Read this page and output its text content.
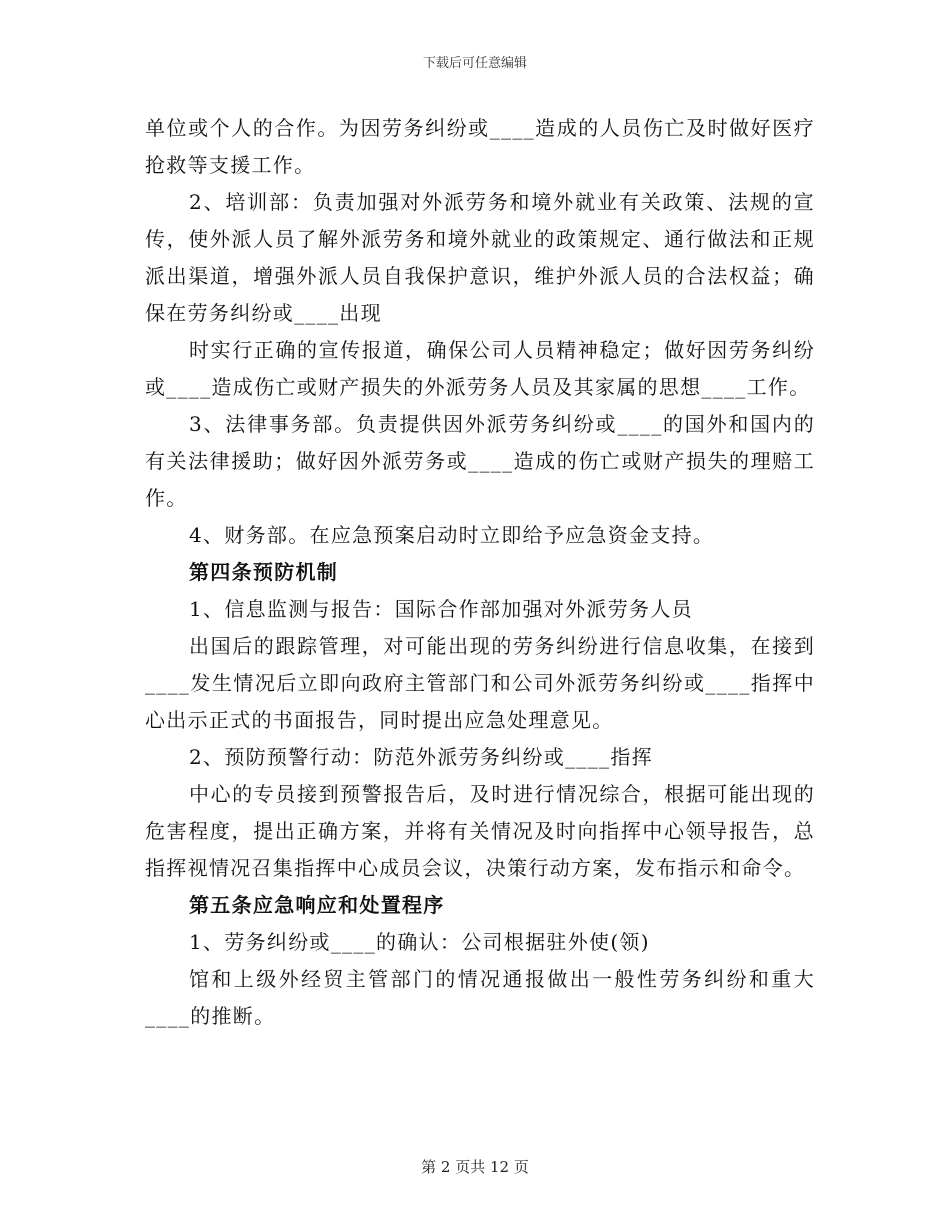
下载后可任意编辑

单位或个人的合作。为因劳务纠纷或____造成的人员伤亡及时做好医疗抢救等支援工作。

2、培训部：负责加强对外派劳务和境外就业有关政策、法规的宣传，使外派人员了解外派劳务和境外就业的政策规定、通行做法和正规派出渠道，增强外派人员自我保护意识，维护外派人员的合法权益；确保在劳务纠纷或____出现

时实行正确的宣传报道，确保公司人员精神稳定；做好因劳务纠纷或____造成伤亡或财产损失的外派劳务人员及其家属的思想____工作。

3、法律事务部。负责提供因外派劳务纠纷或____的国外和国内的有关法律援助；做好因外派劳务或____造成的伤亡或财产损失的理赔工作。

4、财务部。在应急预案启动时立即给予应急资金支持。

第四条预防机制

1、信息监测与报告：国际合作部加强对外派劳务人员

出国后的跟踪管理，对可能出现的劳务纠纷进行信息收集，在接到____发生情况后立即向政府主管部门和公司外派劳务纠纷或____指挥中心出示正式的书面报告，同时提出应急处理意见。

2、预防预警行动：防范外派劳务纠纷或____指挥

中心的专员接到预警报告后，及时进行情况综合，根据可能出现的危害程度，提出正确方案，并将有关情况及时向指挥中心领导报告，总指挥视情况召集指挥中心成员会议，决策行动方案，发布指示和命令。

第五条应急响应和处置程序

1、劳务纠纷或____的确认：公司根据驻外使(领)

馆和上级外经贸主管部门的情况通报做出一般性劳务纠纷和重大____的推断。

第 2 页共 12 页
